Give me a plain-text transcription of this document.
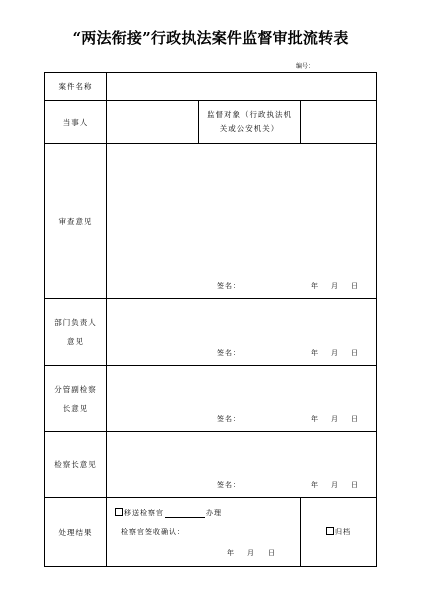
“两法衔接”行政执法案件监督审批流转表
编号：
案件名称			
当事人		监督对象（行政执法机关或公安机关）	

审查意见	签名： 年 月 日		

部门负责人意见	签名： 年 月 日		

分管副检察长意见	签名： 年 月 日		

检察长意见	签名： 年 月 日		

处理结果	移送检察官 办理
检察官签收确认：
年 月 日		归档
